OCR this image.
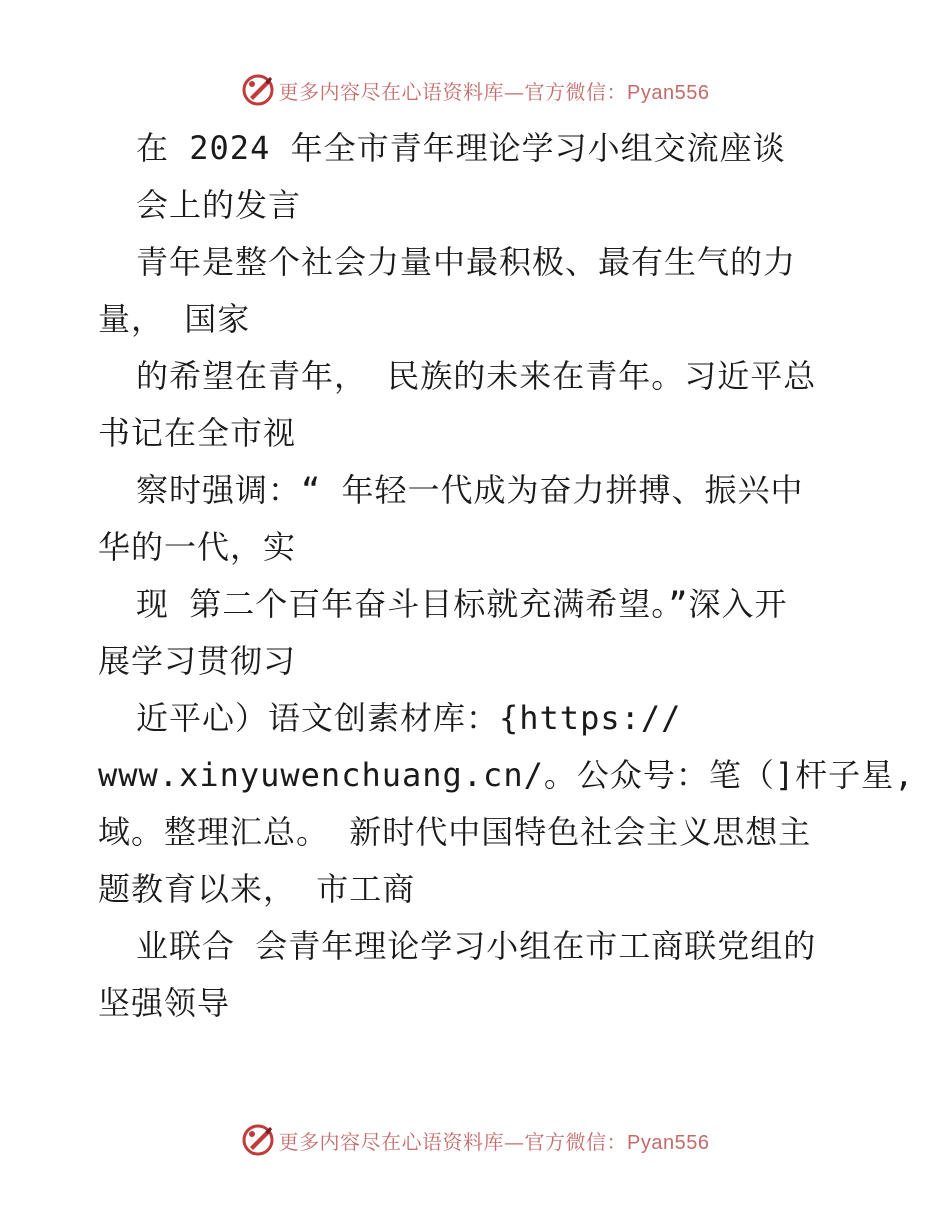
更多内容尽在心语资料库—官方微信：Pyan556
在 2024 年全市青年理论学习小组交流座谈
会上的发言
青年是整个社会力量中最积极、最有生气的力
量， 国家
的希望在青年， 民族的未来在青年。习近平总
书记在全市视
察时强调：“ 年轻一代成为奋力拼搏、振兴中
华的一代，实
现 第二个百年奋斗目标就充满希望。”深入开
展学习贯彻习
近平心）语文创素材库：{https://
www.xinyuwenchuang.cn/。公众号：笔（]杆子星,
域。整理汇总。 新时代中国特色社会主义思想主
题教育以来， 市工商
业联合 会青年理论学习小组在市工商联党组的
坚强领导
更多内容尽在心语资料库—官方微信：Pyan556
